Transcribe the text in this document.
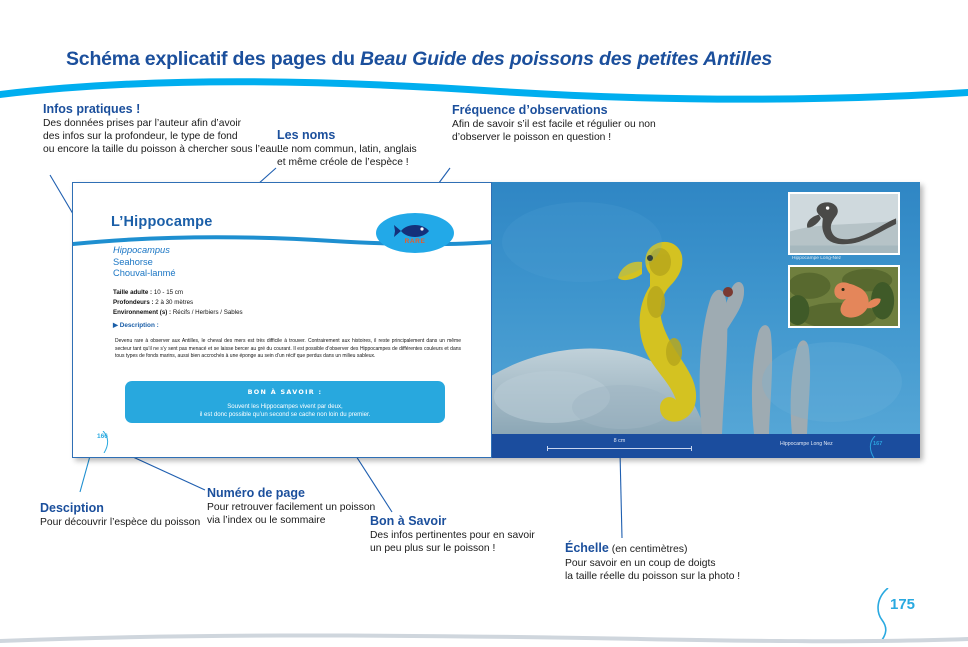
Schéma explicatif des pages du Beau Guide des poissons des petites Antilles

Infos pratiques !

Des données prises par l’auteur afin d’avoir
des infos sur la profondeur, le type de fond
ou encore la taille du poisson à chercher sous l’eau !

Les noms

Le nom commun, latin, anglais
et même créole de l’espèce !

Fréquence d’observations

Afin de savoir s’il est facile et régulier ou non
d’observer le poisson en question !

Desciption

Pour découvrir l’espèce du poisson

Numéro de page

Pour retrouver facilement un poisson
via l’index ou le sommaire	Bon à Savoir

Des infos pertinentes pour en savoir
un peu plus sur le poisson !	Échelle (en centimètres)

Pour savoir en un coup de doigts
la taille réelle du poisson sur la photo !
L’Hippocampe
Hippocampus
Seahorse
Chouval-lanmé
Taille adulte : 10 - 15 cm
Profondeurs : 2 à 30 mètres
Environnement (s) : Récifs / Herbiers / Sables
▶ Description :
Devenu rare à observer aux Antilles, le cheval des mers est très difficile à trouver. Contrairement aux histoires, il reste principalement dans un même secteur tant qu’il ne s’y sent pas menacé et se laisse bercer au gré du courant. Il est possible d’observer des Hippocampes de différentes couleurs et dans tous types de fonds marins, aussi bien accrochés à une éponge au sein d’un récif que perdus dans un milieu sableux.
BON À SAVOIR :
Souvent les Hippocampes vivent par deux,
il est donc possible qu’un second se cache non loin du premier.
166
RARE
Hippocampe Long-Nez
8 cm	Hippocampe Long Nez	167
175
